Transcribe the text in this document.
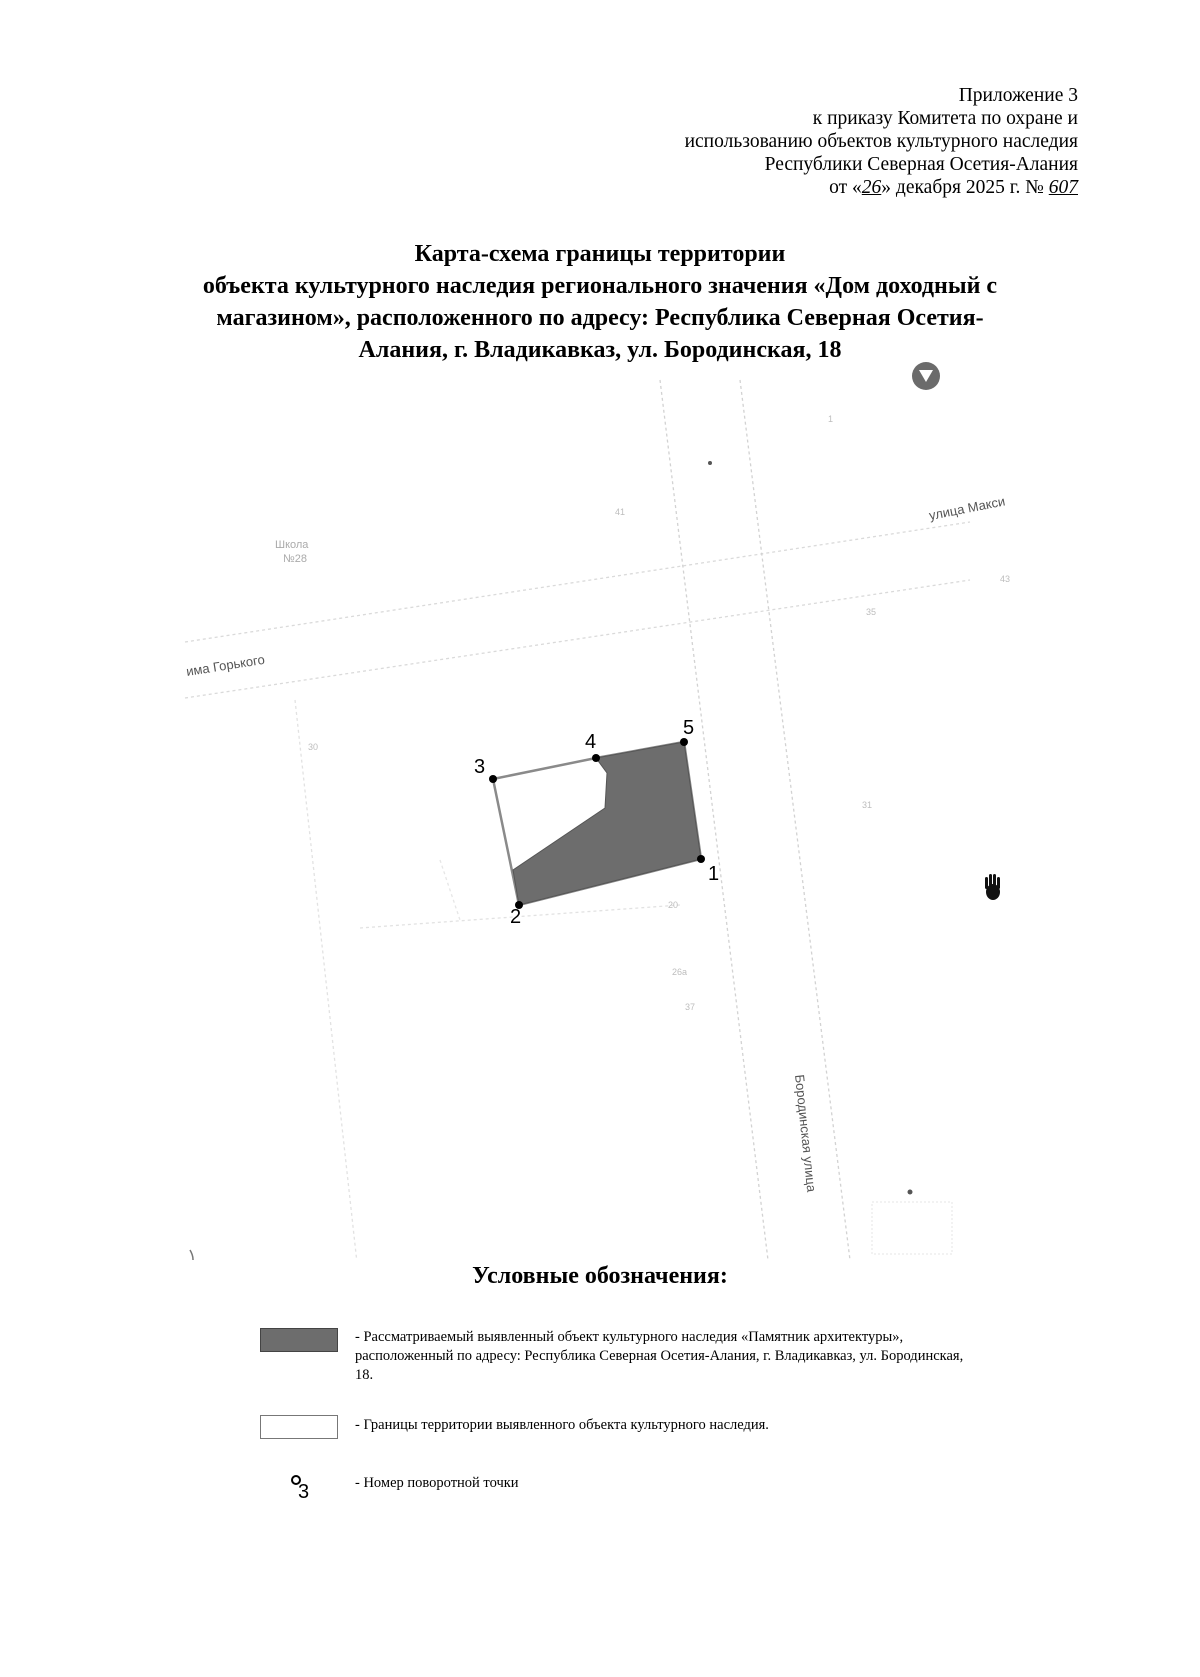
Приложение 3
к приказу Комитета по охране и
использованию объектов культурного наследия
Республики Северная Осетия-Алания
от «26» декабря 2025 г. № 607
Карта-схема границы территории
объекта культурного наследия регионального значения «Дом доходный с
магазином», расположенного по адресу: Республика Северная Осетия-
Алания, г. Владикавказ, ул. Бородинская, 18
има Горького
улица Макси
Бородинская улица
Школа
№28
41
43
35
31
30
20
26а
37
1
1
2
3
4
5
Условные обозначения:
- Рассматриваемый выявленный объект культурного наследия «Памятник архитектуры», расположенный по адресу: Республика Северная Осетия-Алания, г. Владикавказ, ул. Бородинская, 18.
- Границы территории выявленного объекта культурного наследия.
3	- Номер поворотной точки
